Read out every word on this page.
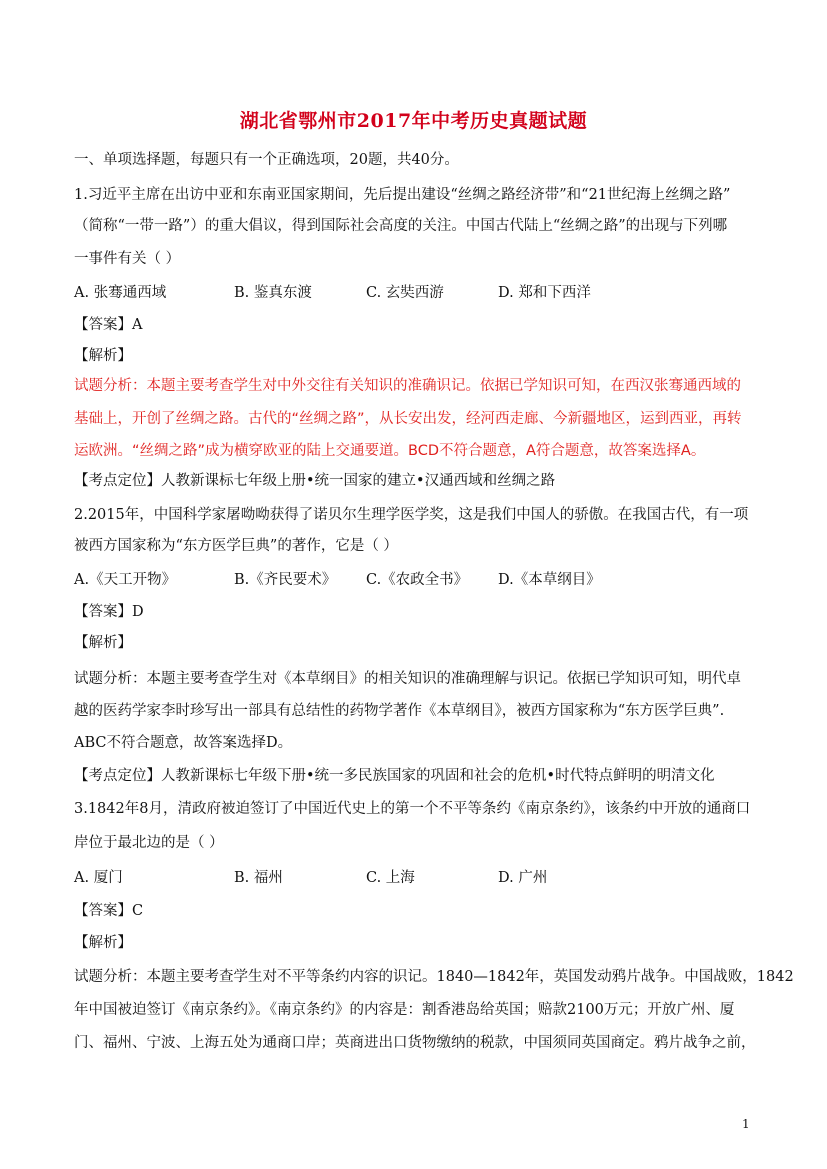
湖北省鄂州市2017年中考历史真题试题
一、单项选择题，每题只有一个正确选项，20题，共40分。
1.习近平主席在出访中亚和东南亚国家期间，先后提出建设“丝绸之路经济带”和“21世纪海上丝绸之路”
（简称“一带一路”）的重大倡议，得到国际社会高度的关注。中国古代陆上“丝绸之路”的出现与下列哪
一事件有关（ ）
A. 张骞通西域	B. 鉴真东渡	C. 玄奘西游	D. 郑和下西洋
【答案】A
【解析】
试题分析：本题主要考查学生对中外交往有关知识的准确识记。依据已学知识可知，在西汉张骞通西域的
基础上，开创了丝绸之路。古代的“丝绸之路”，从长安出发，经河西走廊、今新疆地区，运到西亚，再转
运欧洲。“丝绸之路”成为横穿欧亚的陆上交通要道。BCD不符合题意，A符合题意，故答案选择A。
【考点定位】人教新课标七年级上册•统一国家的建立•汉通西域和丝绸之路
2.2015年，中国科学家屠呦呦获得了诺贝尔生理学医学奖，这是我们中国人的骄傲。在我国古代，有一项
被西方国家称为“东方医学巨典”的著作，它是（ ）
A.《天工开物》	B.《齐民要术》 C.《农政全书》 D.《本草纲目》
【答案】D
【解析】
试题分析：本题主要考查学生对《本草纲目》的相关知识的准确理解与识记。依据已学知识可知，明代卓
越的医药学家李时珍写出一部具有总结性的药物学著作《本草纲目》，被西方国家称为“东方医学巨典”.
ABC不符合题意，故答案选择D。
【考点定位】人教新课标七年级下册•统一多民族国家的巩固和社会的危机•时代特点鲜明的明清文化
3.1842年8月，清政府被迫签订了中国近代史上的第一个不平等条约《南京条约》，该条约中开放的通商口
岸位于最北边的是（ ）
A. 厦门	B. 福州	C. 上海	D. 广州
【答案】C
【解析】
试题分析：本题主要考查学生对不平等条约内容的识记。1840—1842年，英国发动鸦片战争。中国战败，1842
年中国被迫签订《南京条约》。《南京条约》的内容是：割香港岛给英国；赔款2100万元；开放广州、厦
门、福州、宁波、上海五处为通商口岸；英商进出口货物缴纳的税款，中国须同英国商定。鸦片战争之前，
1
